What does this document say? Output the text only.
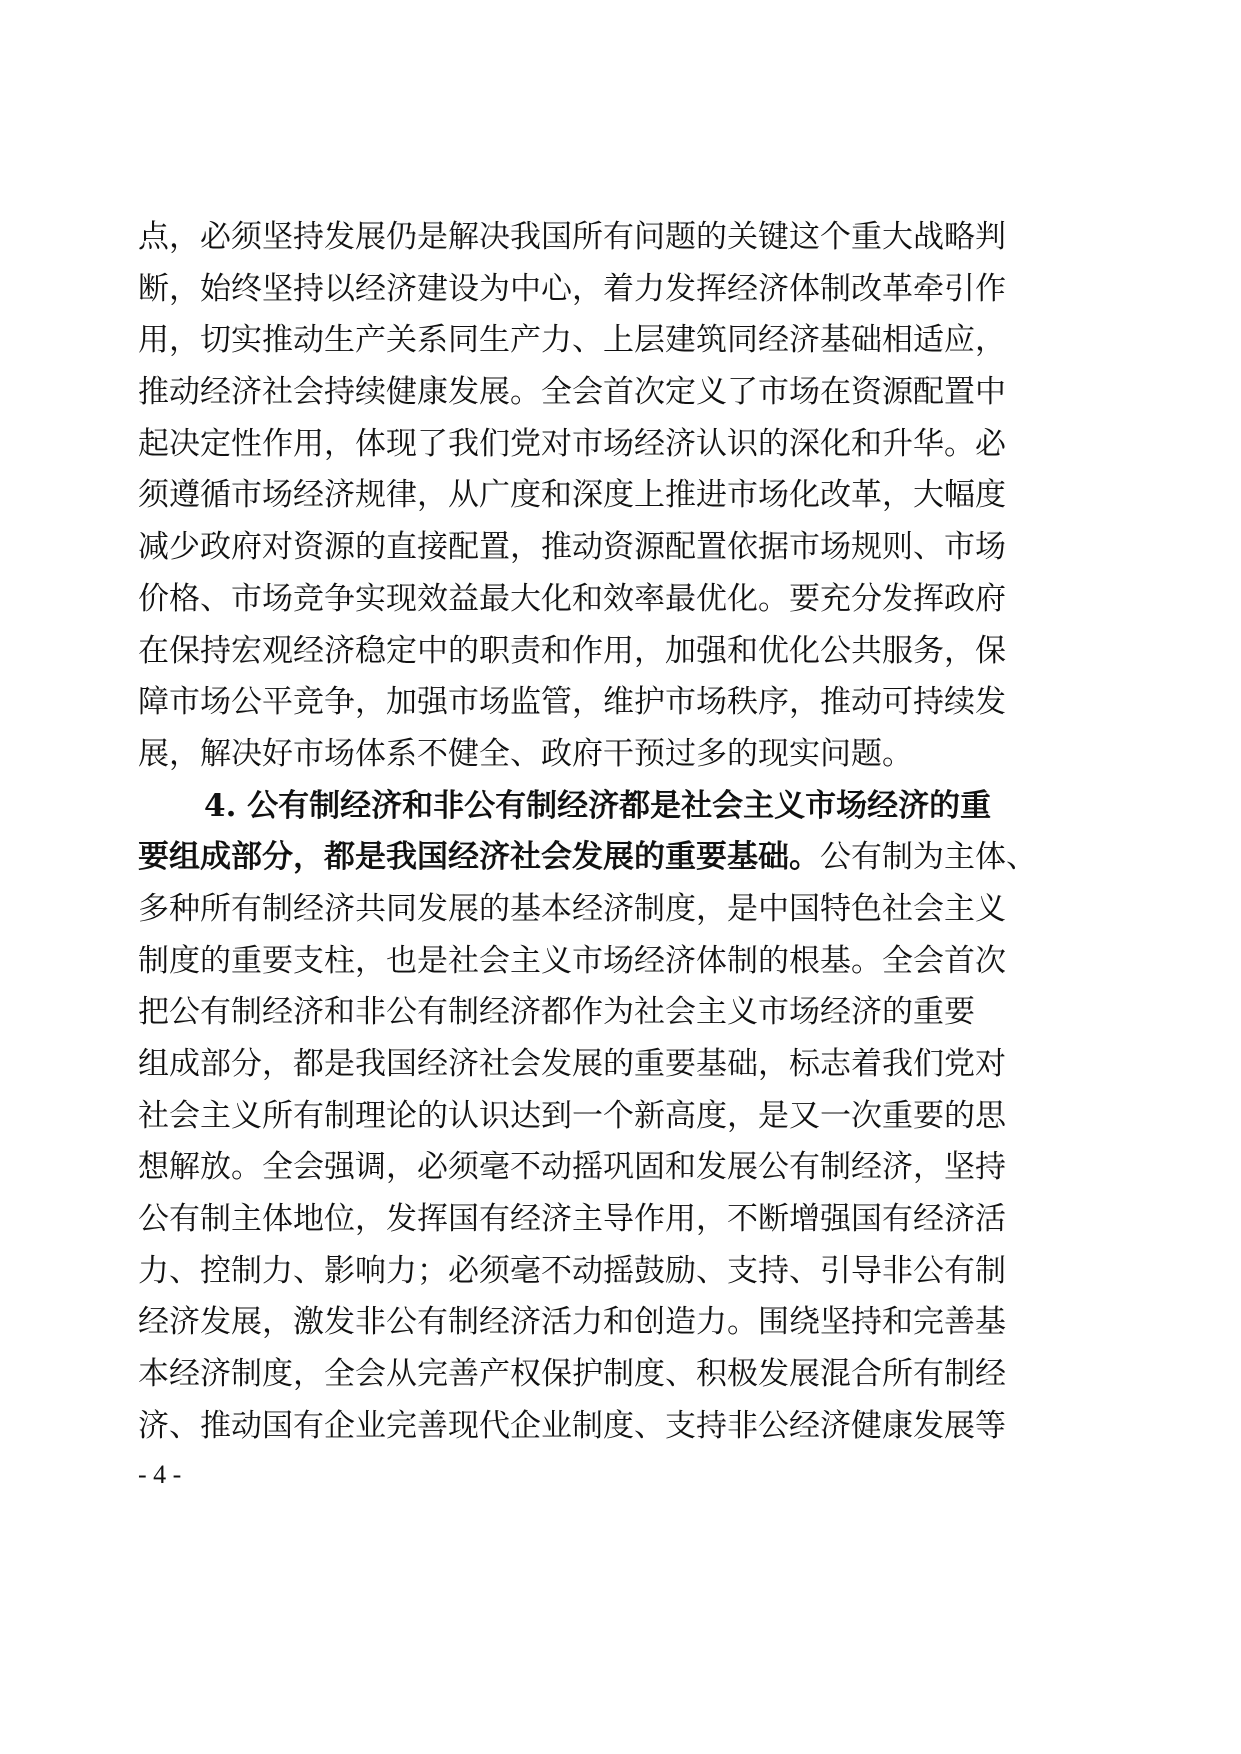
点，必须坚持发展仍是解决我国所有问题的关键这个重大战略判
断，始终坚持以经济建设为中心，着力发挥经济体制改革牵引作
用，切实推动生产关系同生产力、上层建筑同经济基础相适应，
推动经济社会持续健康发展。全会首次定义了市场在资源配置中
起决定性作用，体现了我们党对市场经济认识的深化和升华。必
须遵循市场经济规律，从广度和深度上推进市场化改革，大幅度
减少政府对资源的直接配置，推动资源配置依据市场规则、市场
价格、市场竞争实现效益最大化和效率最优化。要充分发挥政府
在保持宏观经济稳定中的职责和作用，加强和优化公共服务，保
障市场公平竞争，加强市场监管，维护市场秩序，推动可持续发
展，解决好市场体系不健全、政府干预过多的现实问题。
4. 公有制经济和非公有制经济都是社会主义市场经济的重
要组成部分，都是我国经济社会发展的重要基础。公有制为主体、
多种所有制经济共同发展的基本经济制度，是中国特色社会主义
制度的重要支柱，也是社会主义市场经济体制的根基。全会首次
把公有制经济和非公有制经济都作为社会主义市场经济的重要
组成部分，都是我国经济社会发展的重要基础，标志着我们党对
社会主义所有制理论的认识达到一个新高度，是又一次重要的思
想解放。全会强调，必须毫不动摇巩固和发展公有制经济，坚持
公有制主体地位，发挥国有经济主导作用，不断增强国有经济活
力、控制力、影响力；必须毫不动摇鼓励、支持、引导非公有制
经济发展，激发非公有制经济活力和创造力。围绕坚持和完善基
本经济制度，全会从完善产权保护制度、积极发展混合所有制经
济、推动国有企业完善现代企业制度、支持非公经济健康发展等
- 4 -
